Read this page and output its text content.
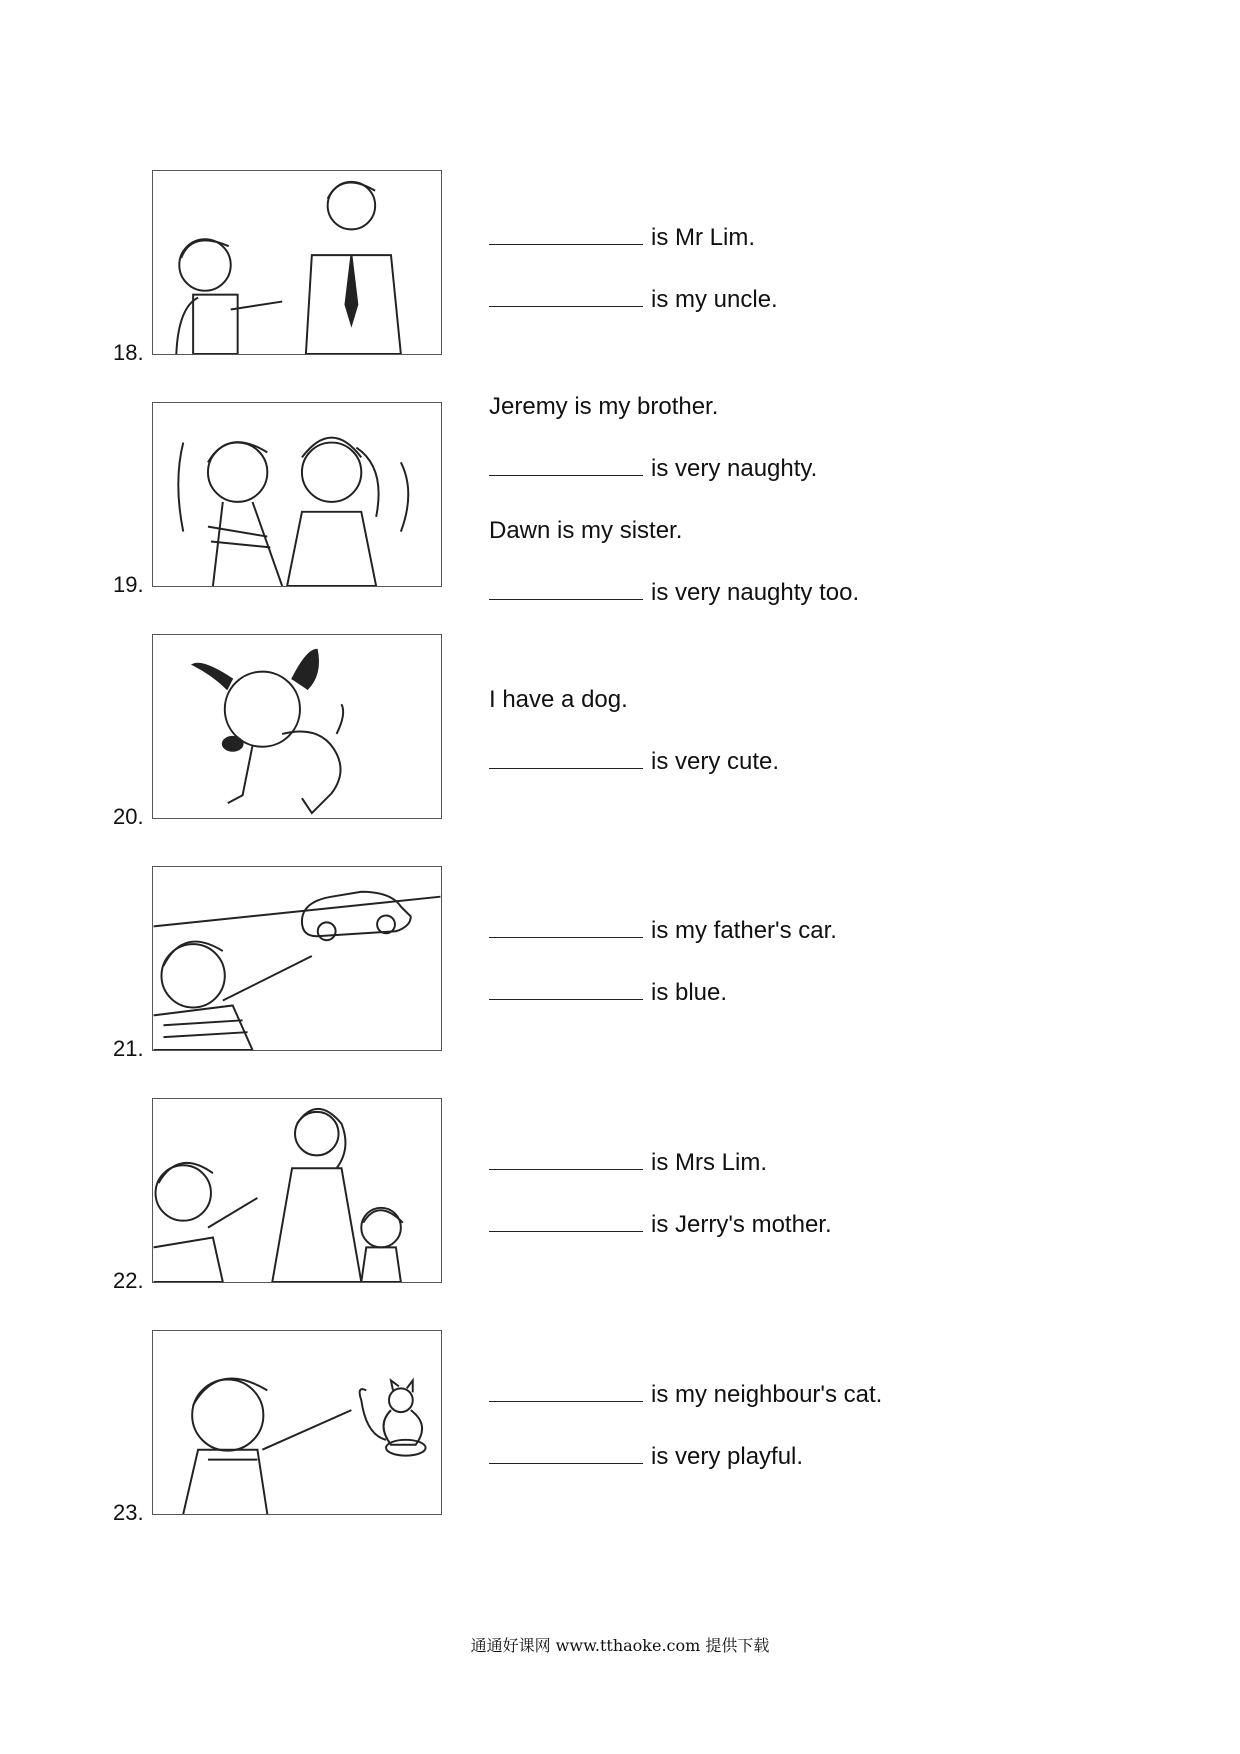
18.
is Mr Lim.
is my uncle.
19.
Jeremy is my brother.
is very naughty.
Dawn is my sister.
is very naughty too.
20.
I have a dog.
is very cute.
21.
is my father's car.
is blue.
22.
is Mrs Lim.
is Jerry's mother.
23.
is my neighbour's cat.
is very playful.
通通好课网 www.tthaoke.com 提供下载
